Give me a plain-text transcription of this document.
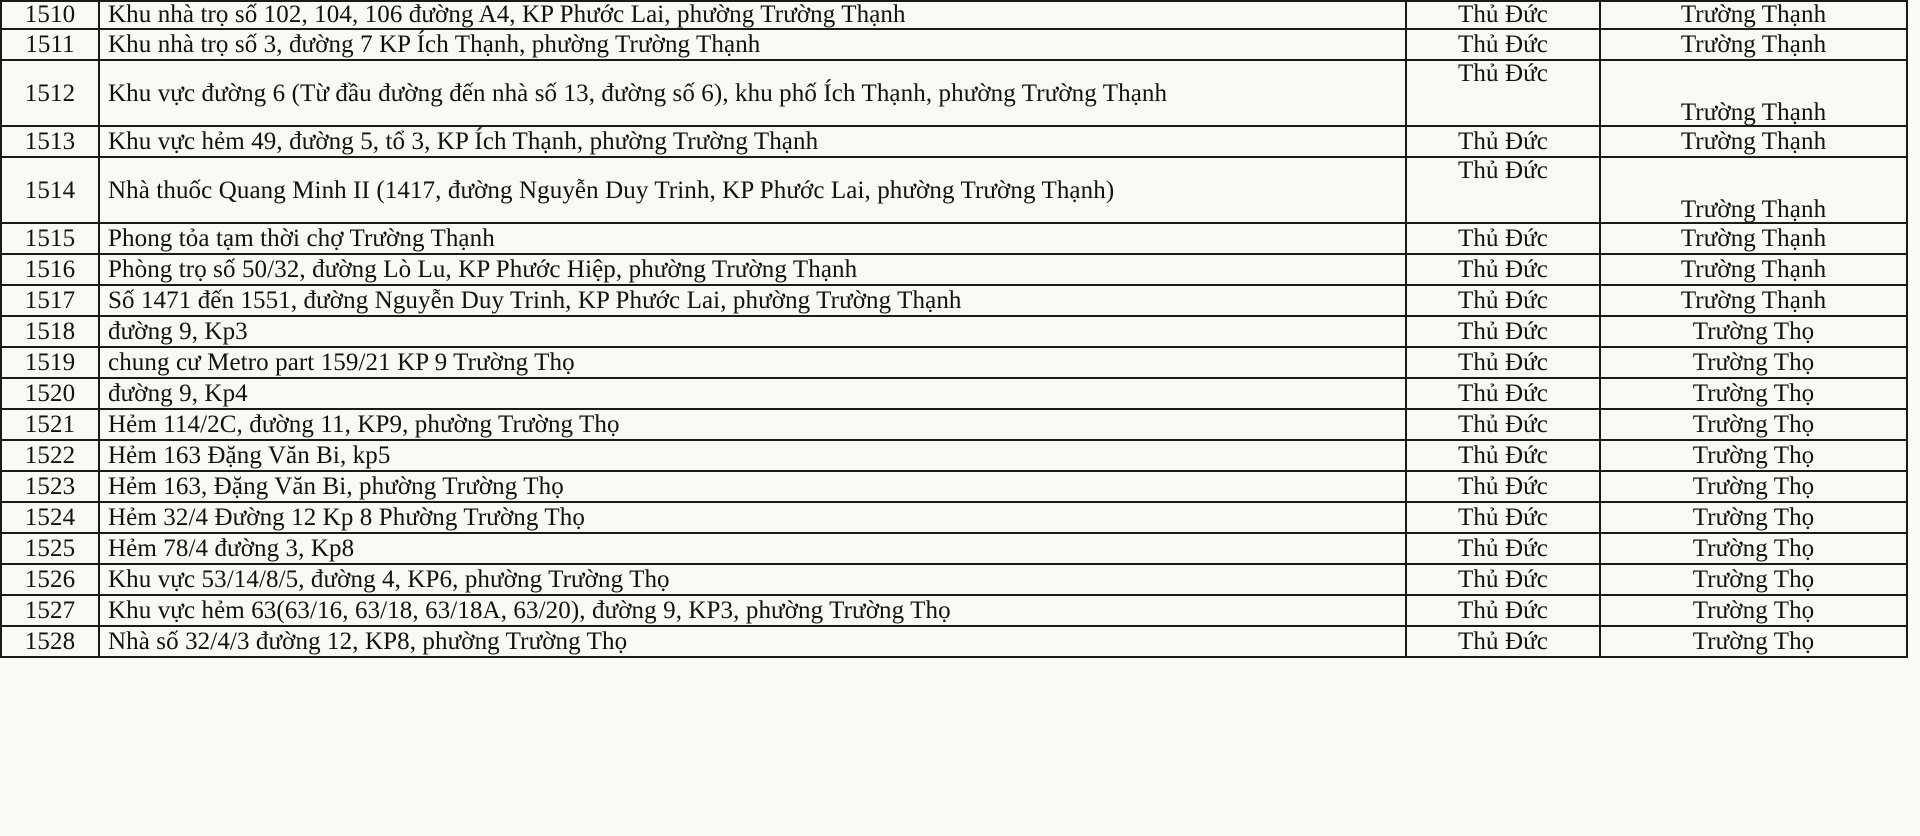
1510	Khu nhà trọ số 102, 104, 106 đường A4, KP Phước Lai, phường Trường Thạnh	Thủ Đức	Trường Thạnh
1511	Khu nhà trọ số 3, đường 7 KP Ích Thạnh, phường Trường Thạnh	Thủ Đức	Trường Thạnh
1512	Khu vực đường 6 (Từ đầu đường đến nhà số 13, đường số 6), khu phố Ích Thạnh, phường Trường Thạnh	Thủ Đức	Trường Thạnh
1513	Khu vực hẻm 49, đường 5, tổ 3, KP Ích Thạnh, phường Trường Thạnh	Thủ Đức	Trường Thạnh
1514	Nhà thuốc Quang Minh II (1417, đường Nguyễn Duy Trinh, KP Phước Lai, phường Trường Thạnh)	Thủ Đức	Trường Thạnh
1515	Phong tỏa tạm thời chợ Trường Thạnh	Thủ Đức	Trường Thạnh
1516	Phòng trọ số 50/32, đường Lò Lu, KP Phước Hiệp, phường Trường Thạnh	Thủ Đức	Trường Thạnh
1517	Số 1471 đến 1551, đường Nguyễn Duy Trinh, KP Phước Lai, phường Trường Thạnh	Thủ Đức	Trường Thạnh
1518	đường 9, Kp3	Thủ Đức	Trường Thọ
1519	chung cư Metro part 159/21 KP 9 Trường Thọ	Thủ Đức	Trường Thọ
1520	đường 9, Kp4	Thủ Đức	Trường Thọ
1521	Hẻm 114/2C, đường 11, KP9, phường Trường Thọ	Thủ Đức	Trường Thọ
1522	Hẻm 163 Đặng Văn Bi, kp5	Thủ Đức	Trường Thọ
1523	Hẻm 163, Đặng Văn Bi, phường Trường Thọ	Thủ Đức	Trường Thọ
1524	Hẻm 32/4 Đường 12 Kp 8 Phường Trường Thọ	Thủ Đức	Trường Thọ
1525	Hẻm 78/4 đường 3, Kp8	Thủ Đức	Trường Thọ
1526	Khu vực 53/14/8/5, đường 4, KP6, phường Trường Thọ	Thủ Đức	Trường Thọ
1527	Khu vực hẻm 63(63/16, 63/18, 63/18A, 63/20), đường 9, KP3, phường Trường Thọ	Thủ Đức	Trường Thọ
1528	Nhà số 32/4/3 đường 12, KP8, phường Trường Thọ	Thủ Đức	Trường Thọ
